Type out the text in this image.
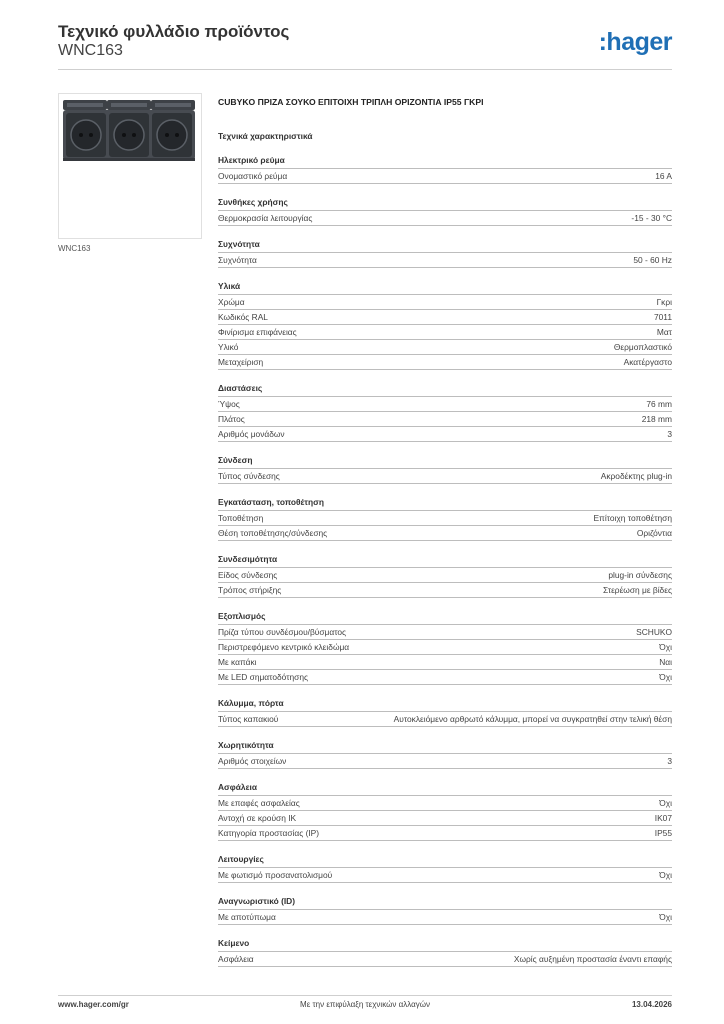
Τεχνικό φυλλάδιο προϊόντος
WNC163	:hager
WNC163
CUBYKO ΠΡΙΖΑ ΣΟΥΚΟ ΕΠΙΤΟΙΧΗ ΤΡΙΠΛΗ ΟΡΙΖΟΝΤΙΑ IP55 ΓΚΡΙ
Τεχνικά χαρακτηριστικά
Ηλεκτρικό ρεύμα
Ονομαστικό ρεύμα	16 A
Συνθήκες χρήσης
Θερμοκρασία λειτουργίας	-15 - 30 °C
Συχνότητα
Συχνότητα	50 - 60 Hz
Υλικά
Χρώμα	Γκρι
Κωδικός RAL	7011
Φινίρισμα επιφάνειας	Ματ
Υλικό	Θερμοπλαστικό
Μεταχείριση	Ακατέργαστο
Διαστάσεις
Ύψος	76 mm
Πλάτος	218 mm
Αριθμός μονάδων	3
Σύνδεση
Τύπος σύνδεσης	Ακροδέκτης plug-in
Εγκατάσταση, τοποθέτηση
Τοποθέτηση	Επίτοιχη τοποθέτηση
Θέση τοποθέτησης/σύνδεσης	Οριζόντια
Συνδεσιμότητα
Είδος σύνδεσης	plug-in σύνδεσης
Τρόπος στήριξης	Στερέωση με βίδες
Εξοπλισμός
Πρίζα τύπου συνδέσμου/βύσματος	SCHUKO
Περιστρεφόμενο κεντρικό κλειδώμα	Όχι
Με καπάκι	Ναι
Με LED σηματοδότησης	Όχι
Κάλυμμα, πόρτα
Τύπος καπακιού	Αυτοκλειόμενο αρθρωτό κάλυμμα, μπορεί να συγκρατηθεί στην τελική θέση
Χωρητικότητα
Αριθμός στοιχείων	3
Ασφάλεια
Με επαφές ασφαλείας	Όχι
Αντοχή σε κρούση IK	IK07
Κατηγορία προστασίας (IP)	IP55
Λειτουργίες
Με φωτισμό προσανατολισμού	Όχι
Αναγνωριστικό (ID)
Με αποτύπωμα	Όχι
Κείμενο
Ασφάλεια	Χωρίς αυξημένη προστασία έναντι επαφής
www.hager.com/gr	Με την επιφύλαξη τεχνικών αλλαγών	13.04.2026
